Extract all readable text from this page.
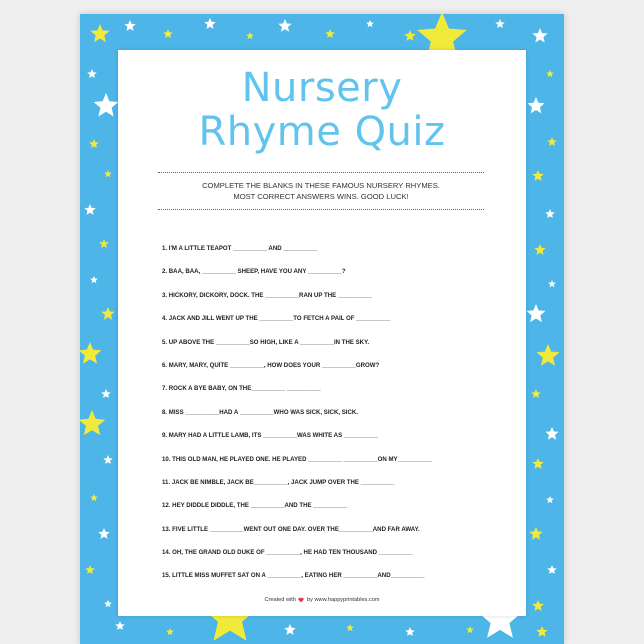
Nursery
Rhyme Quiz
COMPLETE THE BLANKS IN THESE FAMOUS NURSERY RHYMES.
MOST CORRECT ANSWERS WINS. GOOD LUCK!
1. I'M A LITTLE TEAPOT __________ AND __________
2. BAA, BAA, __________ SHEEP, HAVE YOU ANY __________?
3. HICKORY, DICKORY, DOCK. THE __________RAN UP THE __________
4. JACK AND JILL WENT UP THE __________TO FETCH A PAIL OF __________
5. UP ABOVE THE __________SO HIGH, LIKE A __________IN THE SKY.
6. MARY, MARY, QUITE __________, HOW DOES YOUR __________GROW?
7. ROCK A BYE BABY, ON THE__________ __________
8. MISS __________HAD A __________WHO WAS SICK, SICK, SICK.
9. MARY HAD A LITTLE LAMB, ITS __________WAS WHITE AS __________
10. THIS OLD MAN, HE PLAYED ONE. HE PLAYED __________ __________ON MY__________
11. JACK BE NIMBLE, JACK BE__________, JACK JUMP OVER THE __________
12. HEY DIDDLE DIDDLE, THE __________AND THE __________
13. FIVE LITTLE __________WENT OUT ONE DAY. OVER THE__________AND FAR AWAY.
14. OH, THE GRAND OLD DUKE OF __________, HE HAD TEN THOUSAND __________
15. LITTLE MISS MUFFET SAT ON A __________, EATING HER __________AND__________
Created with by www.happyprintables.com
